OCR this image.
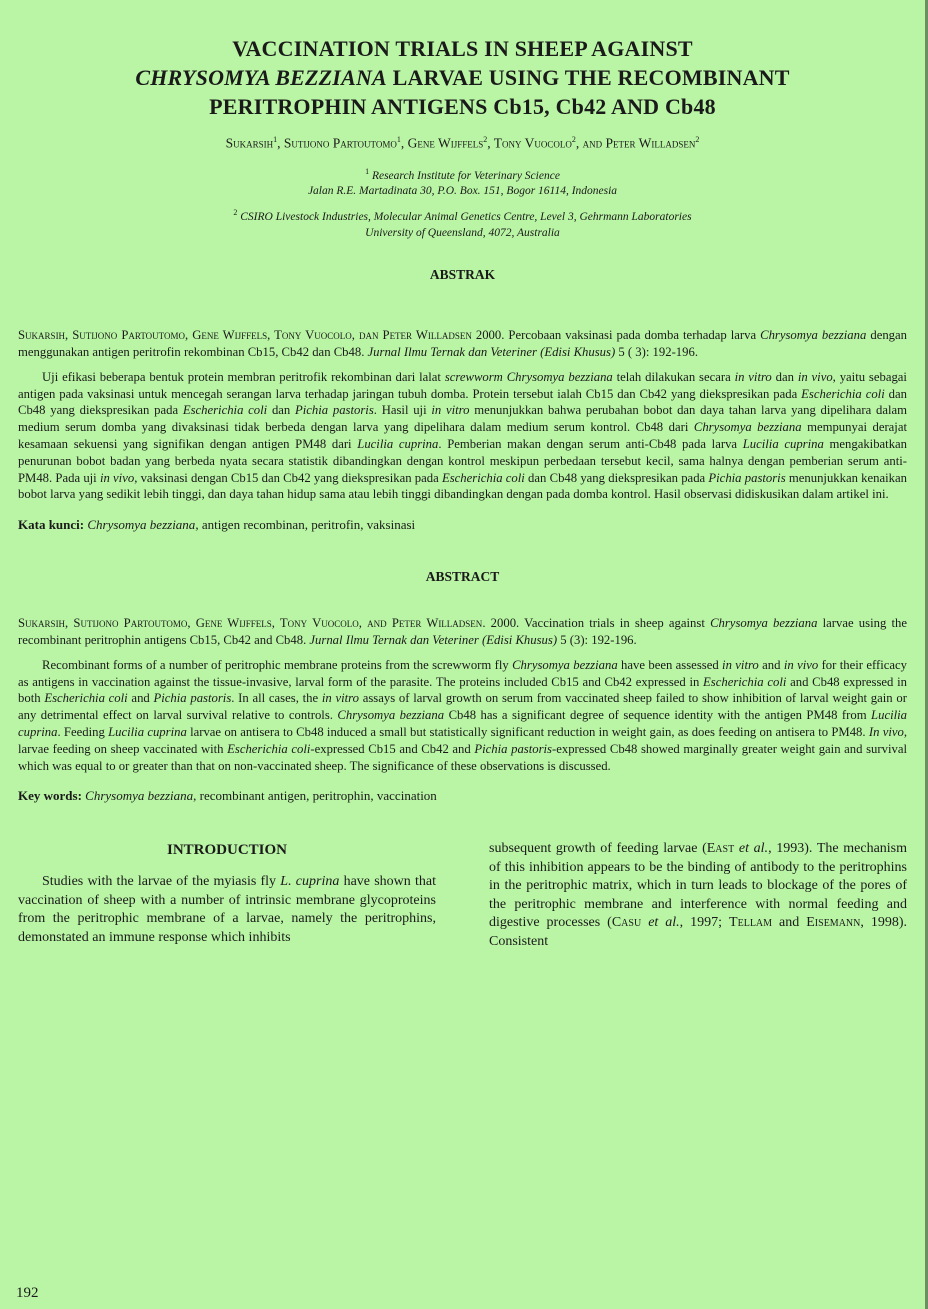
VACCINATION TRIALS IN SHEEP AGAINST

CHRYSOMYA BEZZIANA LARVAE USING THE RECOMBINANT

PERITROPHIN ANTIGENS Cb15, Cb42 AND Cb48

Sukarsih$^1$, Sutijono Partoutomo$^1$, Gene Wijffels$^2$, Tony Vuocolo$^2$, and Peter Willadsen$^2$
$^1$ Research Institute for Veterinary Science
Jalan R.E. Martadinata 30, P.O. Box. 151, Bogor 16114, Indonesia
$^2$ CSIRO Livestock Industries, Molecular Animal Genetics Centre, Level 3, Gehrmann Laboratories
University of Queensland, 4072, Australia
ABSTRAK

Sukarsih, Sutijono Partoutomo, Gene Wijffels, Tony Vuocolo, dan Peter Willadsen 2000. Percobaan vaksinasi pada domba terhadap larva Chrysomya bezziana dengan menggunakan antigen peritrofin rekombinan Cb15, Cb42 dan Cb48. Jurnal Ilmu Ternak dan Veteriner (Edisi Khusus) 5 ( 3): 192-196.

Uji efikasi beberapa bentuk protein membran peritrofik rekombinan dari lalat screwworm Chrysomya bezziana telah dilakukan secara in vitro dan in vivo, yaitu sebagai antigen pada vaksinasi untuk mencegah serangan larva terhadap jaringan tubuh domba. Protein tersebut ialah Cb15 dan Cb42 yang diekspresikan pada Escherichia coli dan Cb48 yang diekspresikan pada Escherichia coli dan Pichia pastoris. Hasil uji in vitro menunjukkan bahwa perubahan bobot dan daya tahan larva yang dipelihara dalam medium serum domba yang divaksinasi tidak berbeda dengan larva yang dipelihara dalam medium serum kontrol. Cb48 dari Chrysomya bezziana mempunyai derajat kesamaan sekuensi yang signifikan dengan antigen PM48 dari Lucilia cuprina. Pemberian makan dengan serum anti-Cb48 pada larva Lucilia cuprina mengakibatkan penurunan bobot badan yang berbeda nyata secara statistik dibandingkan dengan kontrol meskipun perbedaan tersebut kecil, sama halnya dengan pemberian serum anti-PM48. Pada uji in vivo, vaksinasi dengan Cb15 dan Cb42 yang diekspresikan pada Escherichia coli dan Cb48 yang diekspresikan pada Pichia pastoris menunjukkan kenaikan bobot larva yang sedikit lebih tinggi, dan daya tahan hidup sama atau lebih tinggi dibandingkan dengan pada domba kontrol. Hasil observasi didiskusikan dalam artikel ini.

Kata kunci: Chrysomya bezziana, antigen recombinan, peritrofin, vaksinasi
ABSTRACT

Sukarsih, Sutijono Partoutomo, Gene Wijffels, Tony Vuocolo, and Peter Willadsen. 2000. Vaccination trials in sheep against Chrysomya bezziana larvae using the recombinant peritrophin antigens Cb15, Cb42 and Cb48. Jurnal Ilmu Ternak dan Veteriner (Edisi Khusus) 5 (3): 192-196.

Recombinant forms of a number of peritrophic membrane proteins from the screwworm fly Chrysomya bezziana have been assessed in vitro and in vivo for their efficacy as antigens in vaccination against the tissue-invasive, larval form of the parasite. The proteins included Cb15 and Cb42 expressed in Escherichia coli and Cb48 expressed in both Escherichia coli and Pichia pastoris. In all cases, the in vitro assays of larval growth on serum from vaccinated sheep failed to show inhibition of larval weight gain or any detrimental effect on larval survival relative to controls. Chrysomya bezziana Cb48 has a significant degree of sequence identity with the antigen PM48 from Lucilia cuprina. Feeding Lucilia cuprina larvae on antisera to Cb48 induced a small but statistically significant reduction in weight gain, as does feeding on antisera to PM48. In vivo, larvae feeding on sheep vaccinated with Escherichia coli-expressed Cb15 and Cb42 and Pichia pastoris-expressed Cb48 showed marginally greater weight gain and survival which was equal to or greater than that on non-vaccinated sheep. The significance of these observations is discussed.

Key words: Chrysomya bezziana, recombinant antigen, peritrophin, vaccination
INTRODUCTION

Studies with the larvae of the myiasis fly L. cuprina have shown that vaccination of sheep with a number of intrinsic membrane glycoproteins from the peritrophic membrane of a larvae, namely the peritrophins, demonstated an immune response which inhibits

subsequent growth of feeding larvae (East et al., 1993). The mechanism of this inhibition appears to be the binding of antibody to the peritrophins in the peritrophic matrix, which in turn leads to blockage of the pores of the peritrophic membrane and interference with normal feeding and digestive processes (Casu et al., 1997; Tellam and Eisemann, 1998). Consistent

192
